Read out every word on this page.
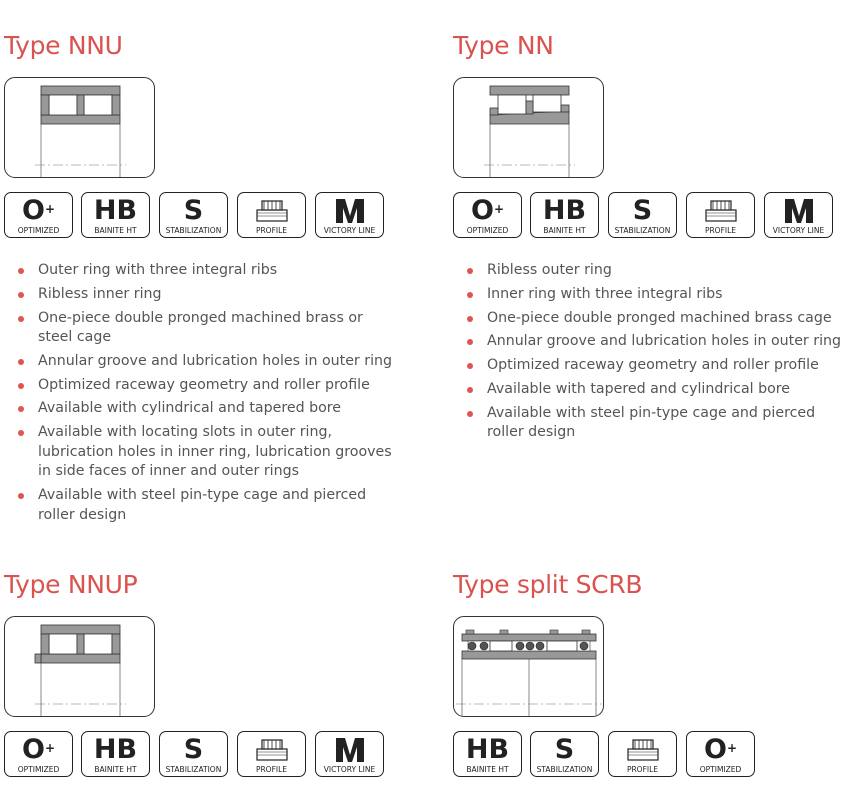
Type NNU
O+
OPTIMIZED
HB
BAINITE HT
S
STABILIZATION	PROFILE	VICTORY LINE
Outer ring with three integral ribs
Ribless inner ring
One-piece double pronged machined brass or steel cage
Annular groove and lubrication holes in outer ring
Optimized raceway geometry and roller profile
Available with cylindrical and tapered bore
Available with locating slots in outer ring, lubrication holes in inner ring, lubrication grooves in side faces of inner and outer rings
Available with steel pin-type cage and pierced roller design
Type NN
O+
OPTIMIZED
HB
BAINITE HT
S
STABILIZATION	PROFILE	VICTORY LINE
Ribless outer ring
Inner ring with three integral ribs
One-piece double pronged machined brass cage
Annular groove and lubrication holes in outer ring
Optimized raceway geometry and roller profile
Available with tapered and cylindrical bore
Available with steel pin-type cage and pierced roller design
Type NNUP
O+
OPTIMIZED
HB
BAINITE HT
S
STABILIZATION	PROFILE	VICTORY LINE
Type split SCRB
HB
BAINITE HT
S
STABILIZATION	PROFILE
O+
OPTIMIZED
